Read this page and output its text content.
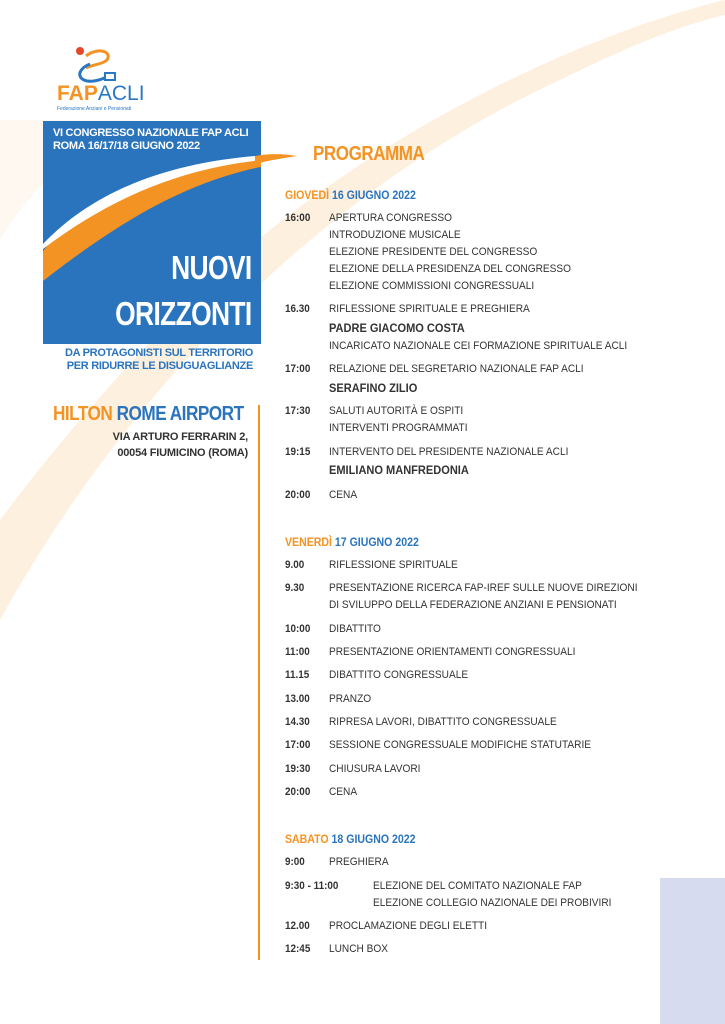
FAPACLI
Federazione Anziani e Pensionati
VI CONGRESSO NAZIONALE FAP ACLI
ROMA 16/17/18 GIUGNO 2022
NUOVI
ORIZZONTI
DA PROTAGONISTI SUL TERRITORIO
PER RIDURRE LE DISUGUAGLIANZE
HILTON ROME AIRPORT
VIA ARTURO FERRARIN 2,
00054 FIUMICINO (ROMA)
PROGRAMMA
GIOVEDÌ 16 GIUGNO 2022
16:00 APERTURA CONGRESSO
INTRODUZIONE MUSICALE
ELEZIONE PRESIDENTE DEL CONGRESSO
ELEZIONE DELLA PRESIDENZA DEL CONGRESSO
ELEZIONE COMMISSIONI CONGRESSUALI
16.30 RIFLESSIONE SPIRITUALE E PREGHIERA
PADRE GIACOMO COSTA
INCARICATO NAZIONALE CEI FORMAZIONE SPIRITUALE ACLI
17:00 RELAZIONE DEL SEGRETARIO NAZIONALE FAP ACLI
SERAFINO ZILIO
17:30 SALUTI AUTORITÀ E OSPITI
INTERVENTI PROGRAMMATI
19:15 INTERVENTO DEL PRESIDENTE NAZIONALE ACLI
EMILIANO MANFREDONIA
20:00 CENA
VENERDÌ 17 GIUGNO 2022
9.00 RIFLESSIONE SPIRITUALE
9.30 PRESENTAZIONE RICERCA FAP-IREF SULLE NUOVE DIREZIONI
DI SVILUPPO DELLA FEDERAZIONE ANZIANI E PENSIONATI
10:00 DIBATTITO
11:00 PRESENTAZIONE ORIENTAMENTI CONGRESSUALI
11.15 DIBATTITO CONGRESSUALE
13.00 PRANZO
14.30 RIPRESA LAVORI, DIBATTITO CONGRESSUALE
17:00 SESSIONE CONGRESSUALE MODIFICHE STATUTARIE
19:30 CHIUSURA LAVORI
20:00 CENA
SABATO 18 GIUGNO 2022
9:00 PREGHIERA
9:30 - 11:00	ELEZIONE DEL COMITATO NAZIONALE FAP
ELEZIONE COLLEGIO NAZIONALE DEI PROBIVIRI
12.00 PROCLAMAZIONE DEGLI ELETTI
12:45 LUNCH BOX
